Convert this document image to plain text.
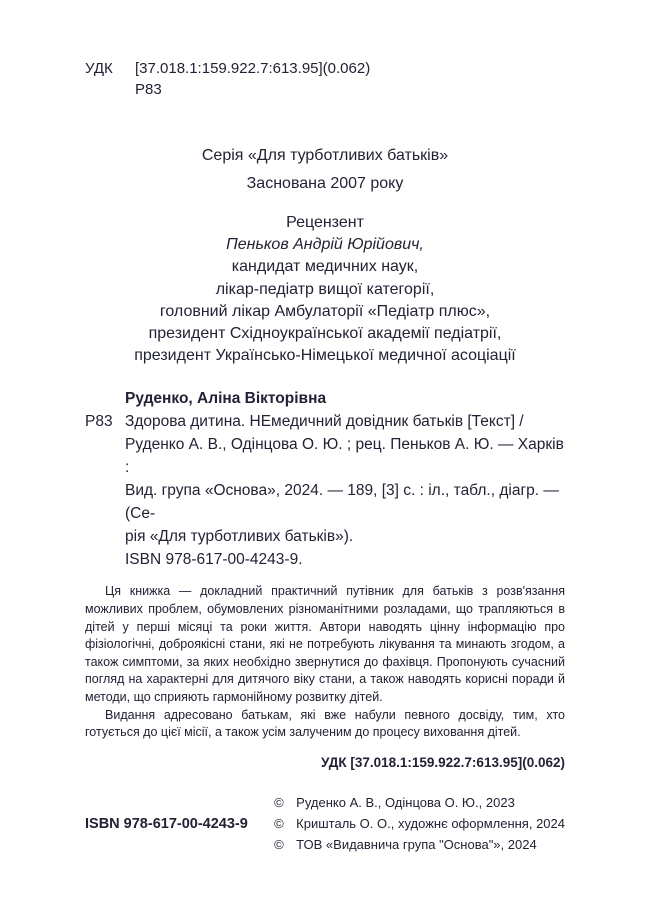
УДК	[37.018.1:159.922.7:613.95](0.062)
Р83
Серія «Для турботливих батьків»
Заснована 2007 року
Рецензент
Пеньков Андрій Юрійович,
кандидат медичних наук,
лікар-педіатр вищої категорії,
головний лікар Амбулаторії «Педіатр плюс»,
президент Східноукраїнської академії педіатрії,
президент Українсько-Німецької медичної асоціації
Руденко, Аліна Вікторівна
Р83 Здорова дитина. НЕмедичний довідник батьків [Текст] /
Руденко А. В., Одінцова О. Ю. ; рец. Пеньков А. Ю. — Харків :
Вид. група «Основа», 2024. — 189, [3] с. : іл., табл., діагр. — (Се-
рія «Для турботливих батьків»).
ISBN 978-617-00-4243-9.

Ця книжка — докладний практичний путівник для батьків з розв'язання можливих проблем, обумовлених різноманітними розладами, що трапляються в дітей у перші місяці та роки життя. Автори наводять цінну інформацію про фізіологічні, доброякісні стани, які не потребують лікування та минають згодом, а також симптоми, за яких необхідно звернутися до фахівця. Пропонують сучасний погляд на характерні для дитячого віку стани, а також наводять корисні поради й методи, що сприяють гармонійному розвитку дітей.

Видання адресовано батькам, які вже набули певного досвіду, тим, хто готується до цієї місії, а також усім залученим до процесу виховання дітей.

УДК [37.018.1:159.922.7:613.95](0.062)
ISBN 978-617-00-4243-9
© Руденко А. В., Одінцова О. Ю., 2023
© Кришталь О. О., художнє оформлення, 2024
© ТОВ «Видавнича група "Основа"», 2024
